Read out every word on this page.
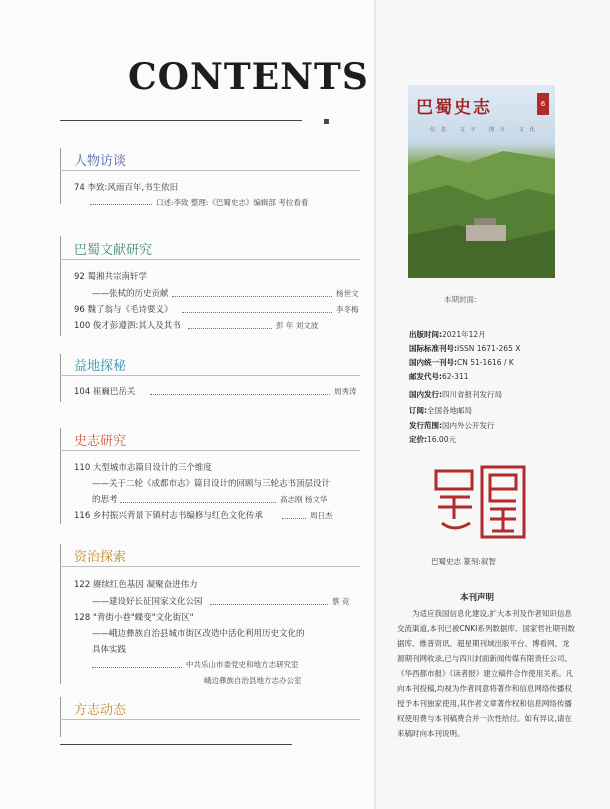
CONTENTS
▪
人物访谈
74 李致:风雨百年,书生依旧
口述:李致 整理:《巴蜀史志》编辑部 考拉看看
巴蜀文献研究
92 蜀湘共宗南轩学
——张栻的历史贡献	杨世文
96 魏了翁与《毛诗要义》	李冬梅
100 俊才彭遵泗:其人及其书	彭 年 刘文波
益地探秘
104 崔巍巴岳关	周秀涛
史志研究
110 大型城市志篇目设计的三个维度
——关于二轮《成都市志》篇目设计的回顾与三轮志书顶层设计
的思考	高志刚 杨文华
116 乡村振兴背景下镇村志书编修与红色文化传承	周日杰
资治探索
122 赓续红色基因 凝聚奋进伟力
——建设好长征国家文化公园	蔡 竞
128 "背街小巷"蝶变"文化街区"
——峨边彝族自治县城市街区改造中活化利用历史文化的
具体实践
中共乐山市委党史和地方志研究室
峨边彝族自治县地方志办公室
方志动态
巴蜀史志	6
信息 文字 图片 文化
本期封面:
出版时间:2021年12月
国际标准刊号:ISSN 1671-265 X
国内统一刊号:CN 51-1616 / K
邮发代号:62-311
国内发行:四川省报刊发行局
订阅:全国各地邮局
发行范围:国内外公开发行
定价:16.00元
巴蜀史志 篆刻:叙智
本刊声明
为适应我国信息化建设,扩大本刊及作者知识信息交流渠道,本刊已被CNKI系列数据库、国家哲社期刊数据库、维普资讯、超星期刊域出版平台、博看网、龙源期刊网收录,已与四川封面新闻传媒有限责任公司、《华西都市报》《读者报》建立稿件合作使用关系。凡向本刊投稿,均视为作者同意将著作和信息网络传播权授予本刊独家使用,其作者文章著作权和信息网络传播权使用费与本刊稿费合并一次性给付。如有异议,请在来稿时向本刊说明。
